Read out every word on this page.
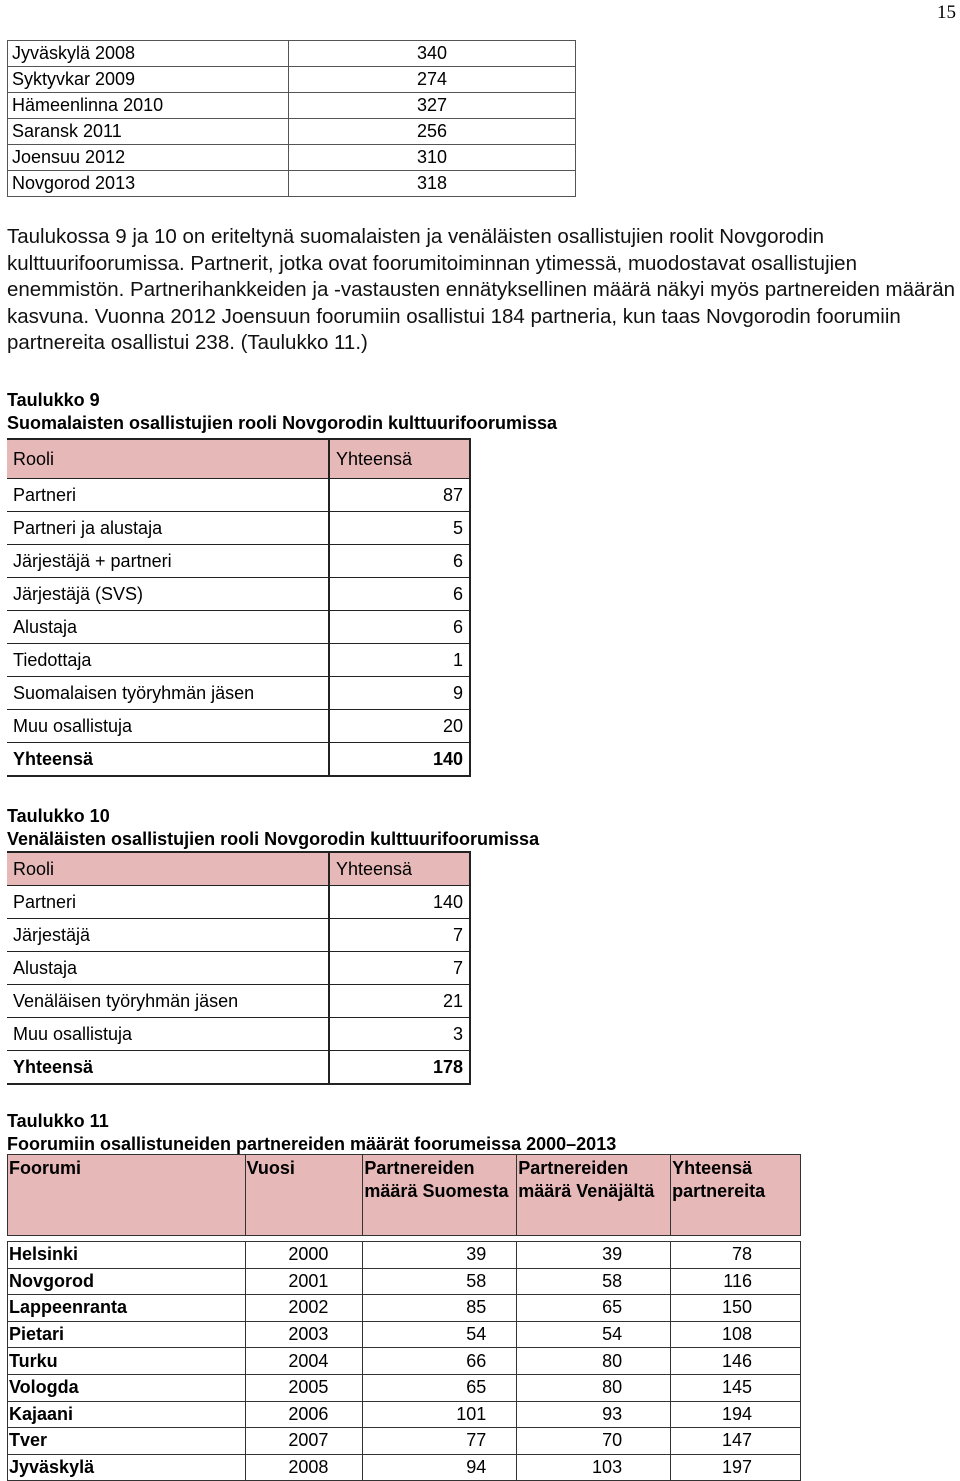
15
Jyväskylä 2008	340
Syktyvkar 2009	274
Hämeenlinna 2010	327
Saransk 2011	256
Joensuu 2012	310
Novgorod 2013	318

Taulukossa 9 ja 10 on eriteltynä suomalaisten ja venäläisten osallistujien roolit Novgorodin kulttuurifoorumissa. Partnerit, jotka ovat foorumitoiminnan ytimessä, muodostavat osallistujien enemmistön. Partnerihankkeiden ja -vastausten ennätyksellinen määrä näkyi myös partnereiden määrän kasvuna. Vuonna 2012 Joensuun foorumiin osallistui 184 partneria, kun taas Novgorodin foorumiin partnereita osallistui 238. (Taulukko 11.)

Taulukko 9
Suomalaisten osallistujien rooli Novgorodin kulttuurifoorumissa
Rooli	Yhteensä
Partneri	87
Partneri ja alustaja	5
Järjestäjä + partneri	6
Järjestäjä (SVS)	6
Alustaja	6
Tiedottaja	1
Suomalaisen työryhmän jäsen	9
Muu osallistuja	20
Yhteensä	140
Taulukko 10
Venäläisten osallistujien rooli Novgorodin kulttuurifoorumissa
Rooli	Yhteensä
Partneri	140
Järjestäjä	7
Alustaja	7
Venäläisen työryhmän jäsen	21
Muu osallistuja	3
Yhteensä	178
Taulukko 11
Foorumiin osallistuneiden partnereiden määrät foorumeissa 2000–2013
Foorumi	Vuosi	Partnereiden määrä Suomesta	Partnereiden määrä Venäjältä	Yhteensä partnereita

Helsinki	2000	39	39	78
Novgorod	2001	58	58	116
Lappeenranta	2002	85	65	150
Pietari	2003	54	54	108
Turku	2004	66	80	146
Vologda	2005	65	80	145
Kajaani	2006	101	93	194
Tver	2007	77	70	147
Jyväskylä	2008	94	103	197
